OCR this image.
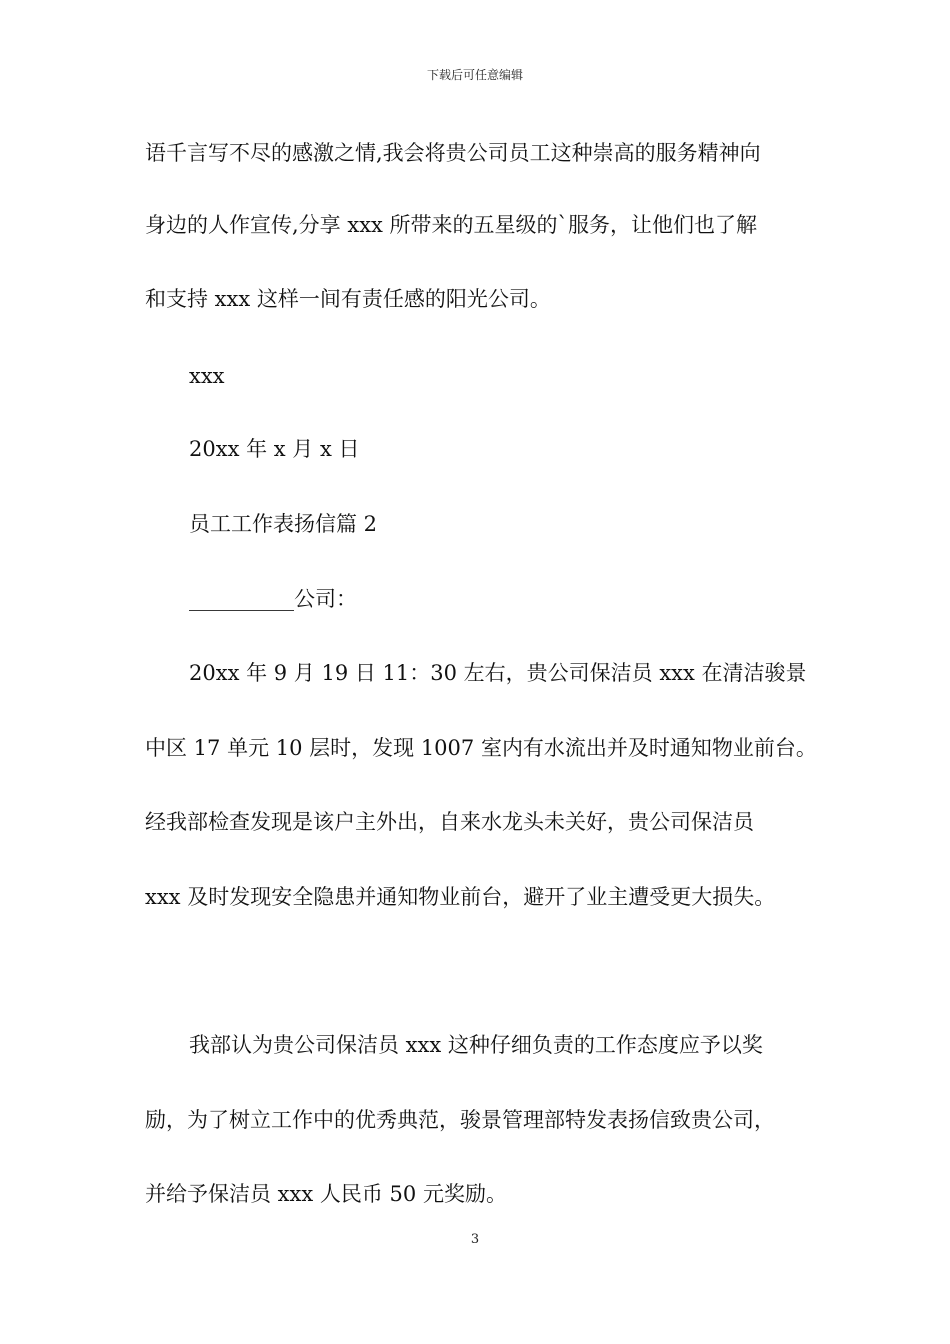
下载后可任意编辑
语千言写不尽的感激之情,我会将贵公司员工这种崇高的服务精神向
身边的人作宣传,分享 xxx 所带来的五星级的`服务，让他们也了解
和支持 xxx 这样一间有责任感的阳光公司。
xxx
20xx 年 x 月 x 日
员工工作表扬信篇 2
__________公司：
20xx 年 9 月 19 日 11：30 左右，贵公司保洁员 xxx 在清洁骏景
中区 17 单元 10 层时，发现 1007 室内有水流出并及时通知物业前台。
经我部检查发现是该户主外出，自来水龙头未关好，贵公司保洁员
xxx 及时发现安全隐患并通知物业前台，避开了业主遭受更大损失。
我部认为贵公司保洁员 xxx 这种仔细负责的工作态度应予以奖
励，为了树立工作中的优秀典范，骏景管理部特发表扬信致贵公司，
并给予保洁员 xxx 人民币 50 元奖励。
3
